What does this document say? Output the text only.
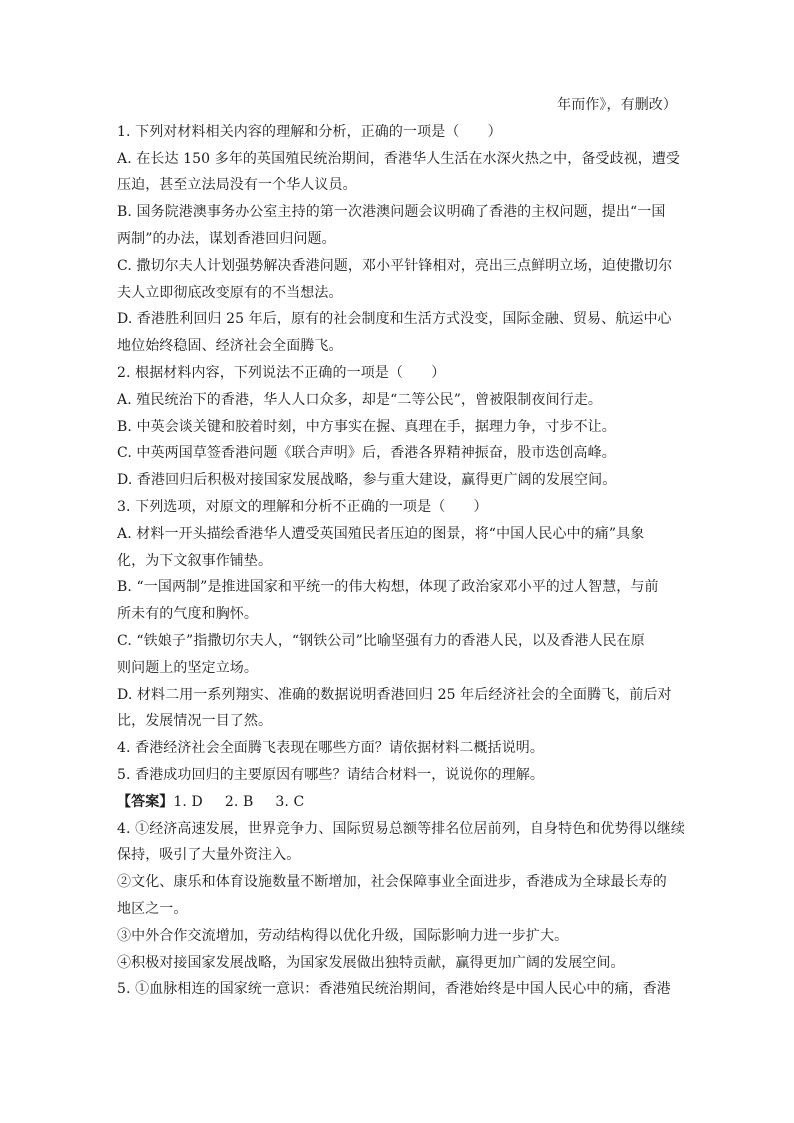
年而作》，有删改）
1. 下列对材料相关内容的理解和分析，正确的一项是（　　）
A. 在长达 150 多年的英国殖民统治期间，香港华人生活在水深火热之中，备受歧视，遭受
压迫，甚至立法局没有一个华人议员。
B. 国务院港澳事务办公室主持的第一次港澳问题会议明确了香港的主权问题，提出“一国
两制”的办法，谋划香港回归问题。
C. 撒切尔夫人计划强势解决香港问题，邓小平针锋相对，亮出三点鲜明立场，迫使撒切尔
夫人立即彻底改变原有的不当想法。
D. 香港胜利回归 25 年后，原有的社会制度和生活方式没变，国际金融、贸易、航运中心
地位始终稳固、经济社会全面腾飞。
2. 根据材料内容，下列说法不正确的一项是（　　）
A. 殖民统治下的香港，华人人口众多，却是“二等公民”，曾被限制夜间行走。
B. 中英会谈关键和胶着时刻，中方事实在握、真理在手，据理力争，寸步不让。
C. 中英两国草签香港问题《联合声明》后，香港各界精神振奋，股市迭创高峰。
D. 香港回归后积极对接国家发展战略，参与重大建设，赢得更广阔的发展空间。
3. 下列选项，对原文的理解和分析不正确的一项是（　　）
A. 材料一开头描绘香港华人遭受英国殖民者压迫的图景，将“中国人民心中的痛”具象
化，为下文叙事作铺垫。
B. “一国两制”是推进国家和平统一的伟大构想，体现了政治家邓小平的过人智慧，与前
所未有的气度和胸怀。
C. “铁娘子”指撒切尔夫人，“钢铁公司”比喻坚强有力的香港人民，以及香港人民在原
则问题上的坚定立场。
D. 材料二用一系列翔实、准确的数据说明香港回归 25 年后经济社会的全面腾飞，前后对
比，发展情况一目了然。
4. 香港经济社会全面腾飞表现在哪些方面？请依据材料二概括说明。
5. 香港成功回归的主要原因有哪些？请结合材料一，说说你的理解。
【答案】1. D 2. B 3. C
4. ①经济高速发展，世界竞争力、国际贸易总额等排名位居前列，自身特色和优势得以继续
保持，吸引了大量外资注入。
②文化、康乐和体育设施数量不断增加，社会保障事业全面进步，香港成为全球最长寿的
地区之一。
③中外合作交流增加，劳动结构得以优化升级，国际影响力进一步扩大。
④积极对接国家发展战略，为国家发展做出独特贡献，赢得更加广阔的发展空间。
5. ①血脉相连的国家统一意识：香港殖民统治期间，香港始终是中国人民心中的痛，香港
